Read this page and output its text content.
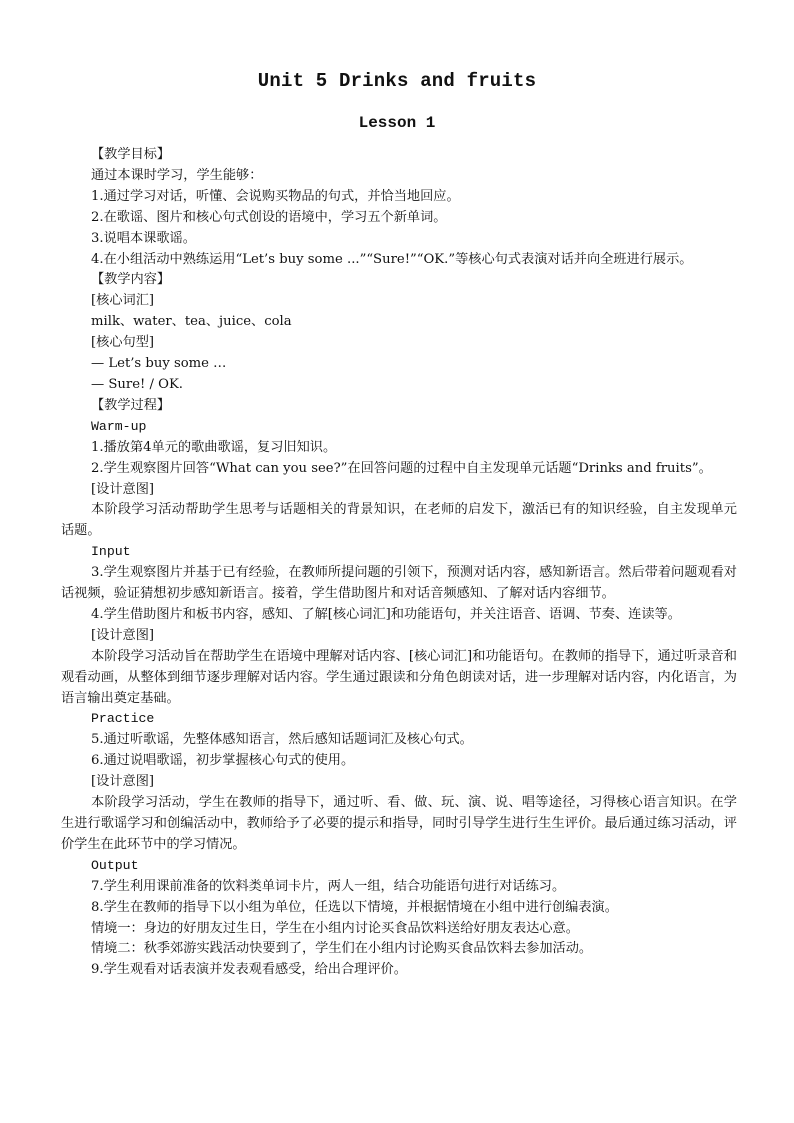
Unit 5 Drinks and fruits
Lesson 1

【教学目标】

通过本课时学习，学生能够：

1.通过学习对话，听懂、会说购买物品的句式，并恰当地回应。

2.在歌谣、图片和核心句式创设的语境中，学习五个新单词。

3.说唱本课歌谣。

4.在小组活动中熟练运用“Let’s buy some ...”“Sure!”“OK.”等核心句式表演对话并向全班进行展示。

【教学内容】

[核心词汇]

milk、water、tea、juice、cola

[核心句型]

— Let’s buy some …

— Sure! / OK.

【教学过程】

Warm-up

1.播放第4单元的歌曲歌谣，复习旧知识。

2.学生观察图片回答“What can you see?”在回答问题的过程中自主发现单元话题“Drinks and fruits”。

[设计意图]

本阶段学习活动帮助学生思考与话题相关的背景知识，在老师的启发下，激活已有的知识经验，自主发现单元话题。

Input

3.学生观察图片并基于已有经验，在教师所提问题的引领下，预测对话内容，感知新语言。然后带着问题观看对话视频，验证猜想初步感知新语言。接着，学生借助图片和对话音频感知、了解对话内容细节。

4.学生借助图片和板书内容，感知、了解[核心词汇]和功能语句，并关注语音、语调、节奏、连读等。

[设计意图]

本阶段学习活动旨在帮助学生在语境中理解对话内容、[核心词汇]和功能语句。在教师的指导下，通过听录音和观看动画，从整体到细节逐步理解对话内容。学生通过跟读和分角色朗读对话，进一步理解对话内容，内化语言，为语言输出奠定基础。

Practice

5.通过听歌谣，先整体感知语言，然后感知话题词汇及核心句式。

6.通过说唱歌谣，初步掌握核心句式的使用。

[设计意图]

本阶段学习活动，学生在教师的指导下，通过听、看、做、玩、演、说、唱等途径，习得核心语言知识。在学生进行歌谣学习和创编活动中，教师给予了必要的提示和指导，同时引导学生进行生生评价。最后通过练习活动，评价学生在此环节中的学习情况。

Output

7.学生利用课前准备的饮料类单词卡片，两人一组，结合功能语句进行对话练习。

8.学生在教师的指导下以小组为单位，任选以下情境，并根据情境在小组中进行创编表演。

情境一：身边的好朋友过生日，学生在小组内讨论买食品饮料送给好朋友表达心意。

情境二：秋季郊游实践活动快要到了，学生们在小组内讨论购买食品饮料去参加活动。

9.学生观看对话表演并发表观看感受，给出合理评价。
